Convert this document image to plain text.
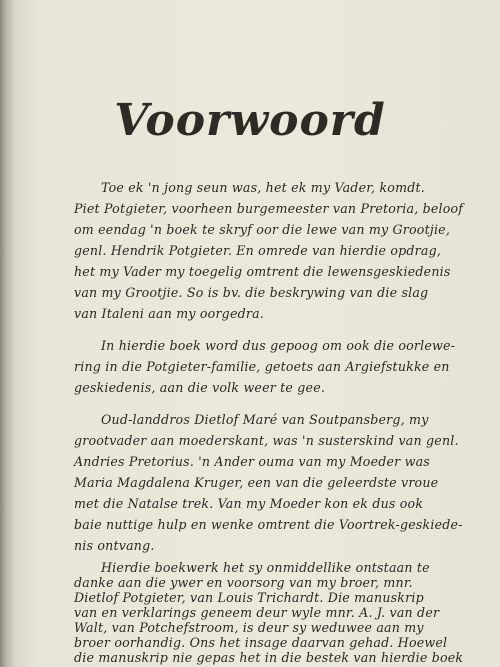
Voorwoord
Toe ek 'n jong seun was, het ek my Vader, komdt.
Piet Potgieter, voorheen burgemeester van Pretoria, beloof
om eendag 'n boek te skryf oor die lewe van my Grootjie,
genl. Hendrik Potgieter. En omrede van hierdie opdrag,
het my Vader my toegelig omtrent die lewensgeskiedenis
van my Grootjie. So is bv. die beskrywing van die slag
van Italeni aan my oorgedra.
In hierdie boek word dus gepoog om ook die oorlewe-
ring in die Potgieter-familie, getoets aan Argiefstukke en
geskiedenis, aan die volk weer te gee.
Oud-landdros Dietlof Maré van Soutpansberg, my
grootvader aan moederskant, was 'n susterskind van genl.
Andries Pretorius. 'n Ander ouma van my Moeder was
Maria Magdalena Kruger, een van die geleerdste vroue
met die Natalse trek. Van my Moeder kon ek dus ook
baie nuttige hulp en wenke omtrent die Voortrek-geskiede-
nis ontvang.
Hierdie boekwerk het sy onmiddellike ontstaan te
danke aan die ywer en voorsorg van my broer, mnr.
Dietlof Potgieter, van Louis Trichardt. Die manuskrip
van en verklarings geneem deur wyle mnr. A. J. van der
Walt, van Potchefstroom, is deur sy weduwee aan my
broer oorhandig. Ons het insage daarvan gehad. Hoewel
die manuskrip nie gepas het in die bestek van hierdie boek
